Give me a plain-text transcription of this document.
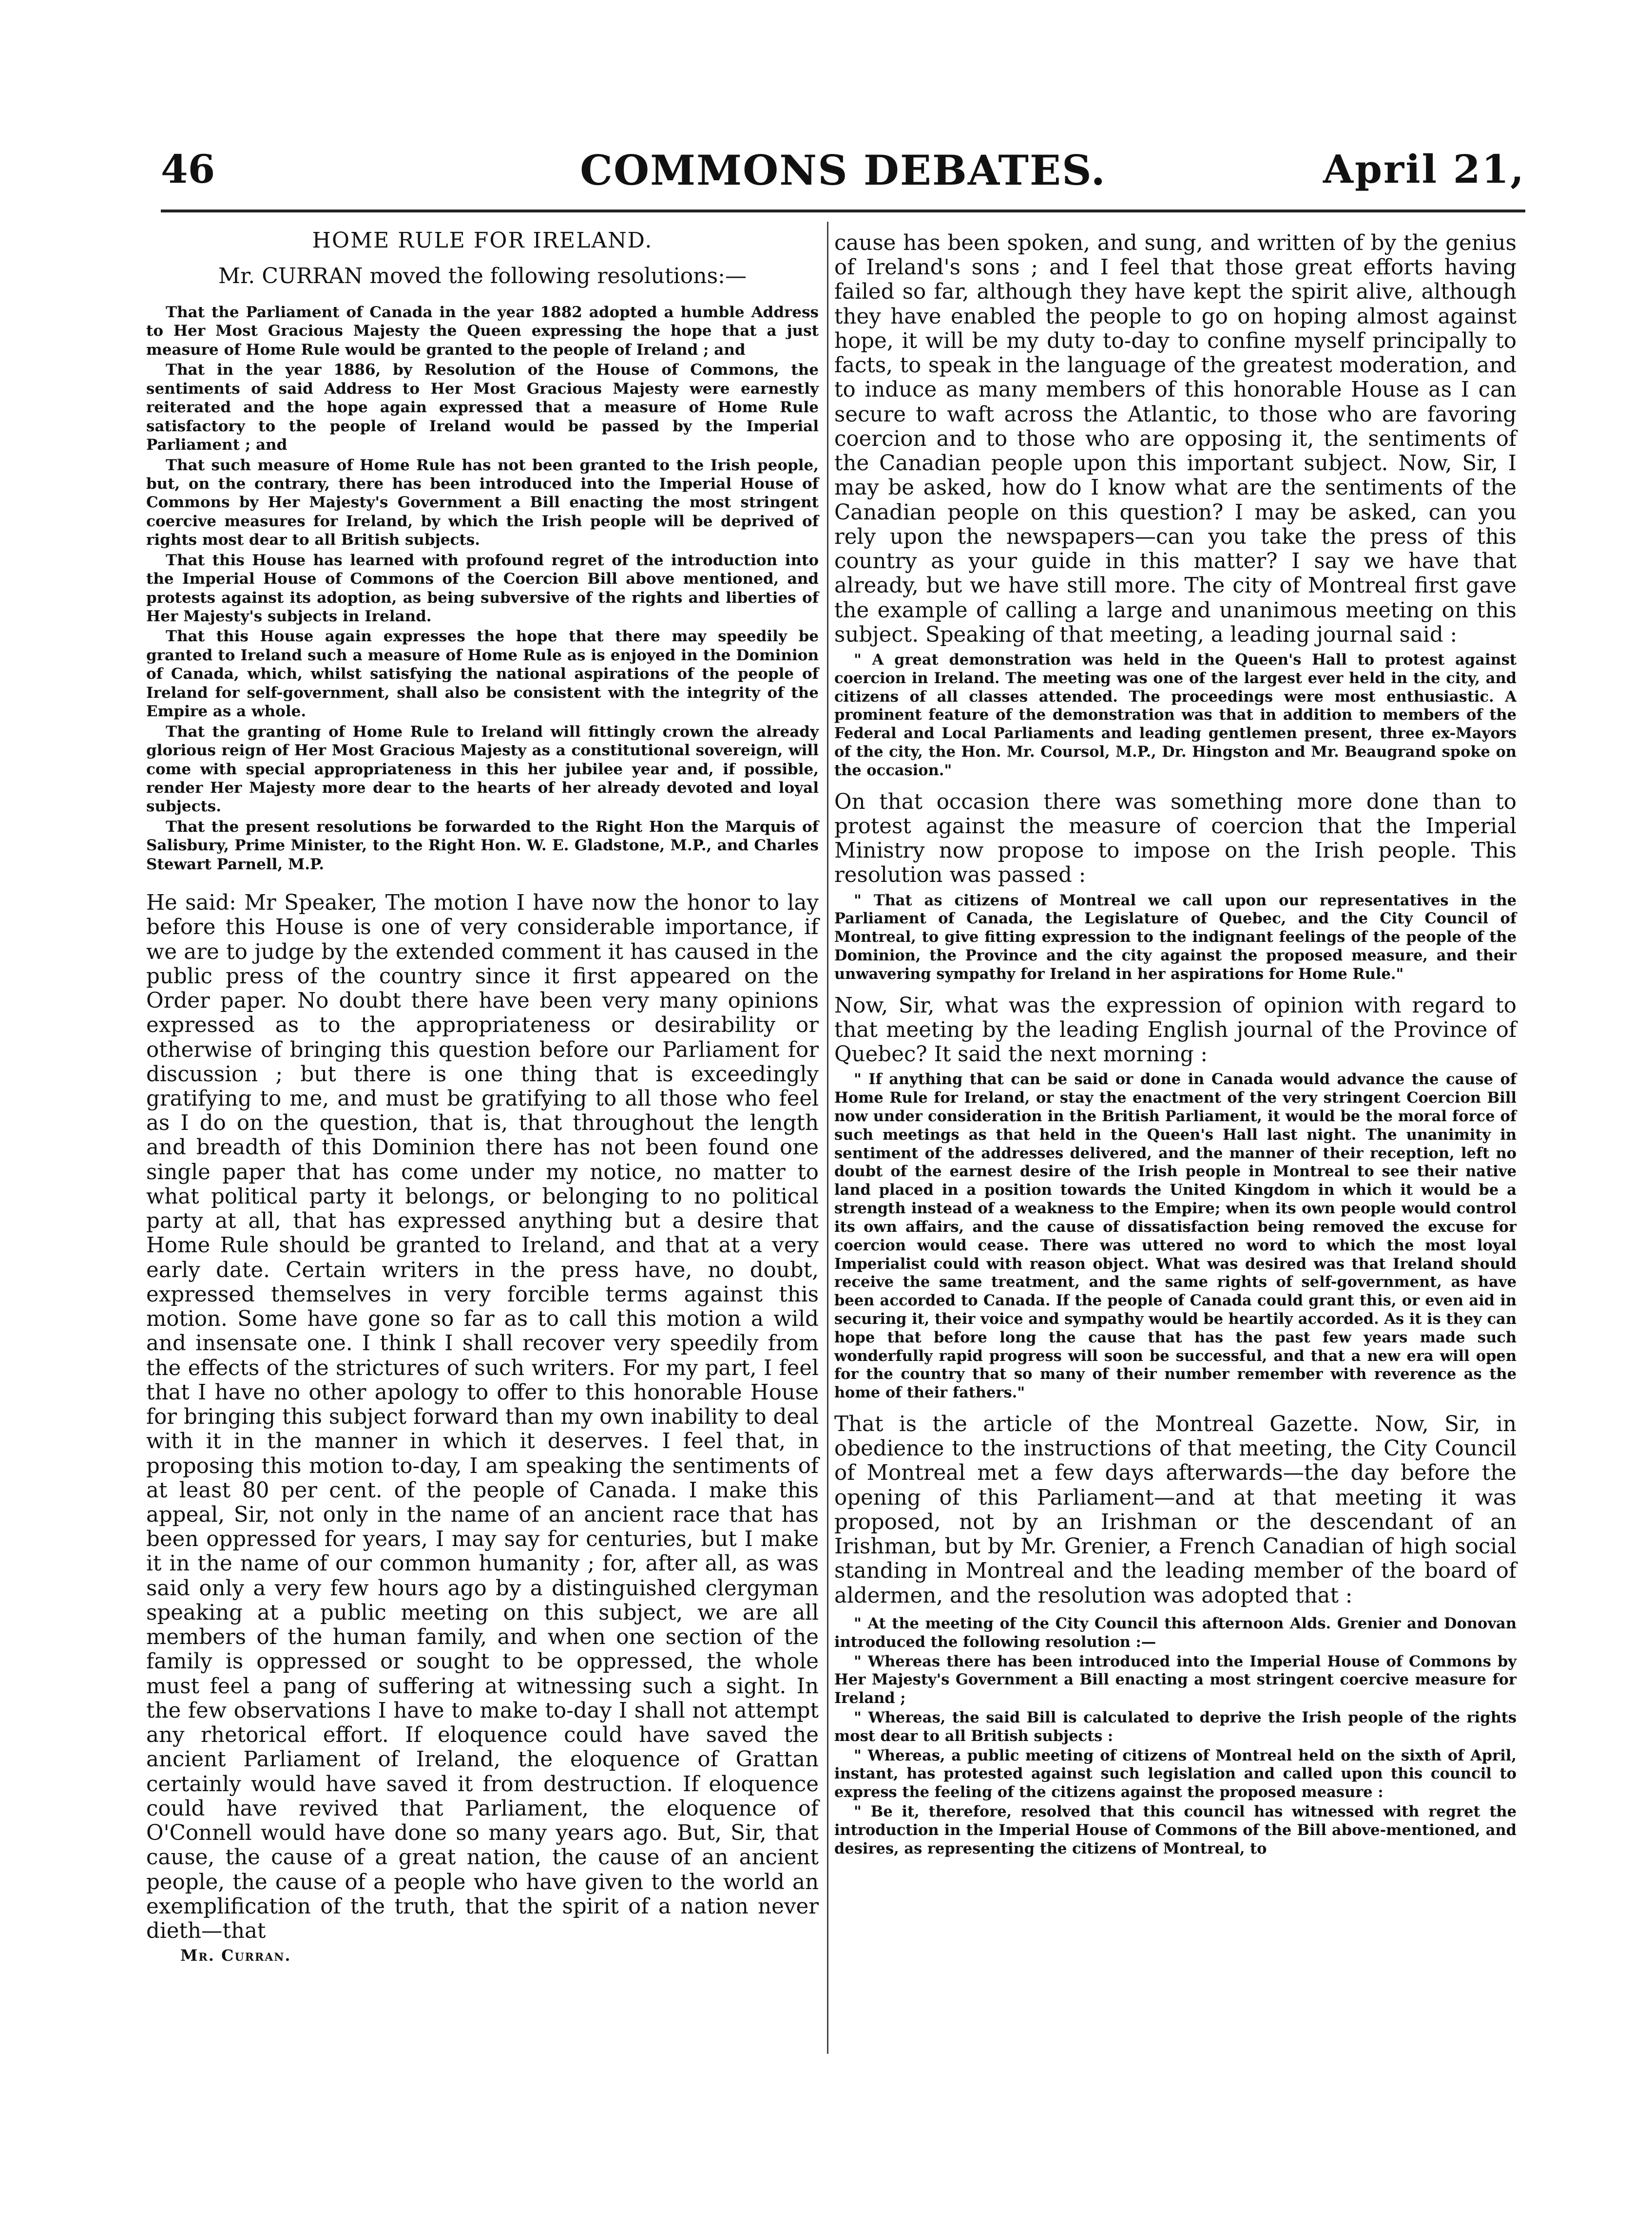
COMMONS DEBATES.
46	April 21,
HOME RULE FOR IRELAND.
Mr. CURRAN moved the following resolutions:—

That the Parliament of Canada in the year 1882 adopted a humble Address to Her Most Gracious Majesty the Queen expressing the hope that a just measure of Home Rule would be granted to the people of Ireland ; and

That in the year 1886, by Resolution of the House of Commons, the sentiments of said Address to Her Most Gracious Majesty were earnestly reiterated and the hope again expressed that a measure of Home Rule satisfactory to the people of Ireland would be passed by the Imperial Parliament ; and

That such measure of Home Rule has not been granted to the Irish people, but, on the contrary, there has been introduced into the Imperial House of Commons by Her Majesty's Government a Bill enacting the most stringent coercive measures for Ireland, by which the Irish people will be deprived of rights most dear to all British subjects.

That this House has learned with profound regret of the introduction into the Imperial House of Commons of the Coercion Bill above mentioned, and protests against its adoption, as being subversive of the rights and liberties of Her Majesty's subjects in Ireland.

That this House again expresses the hope that there may speedily be granted to Ireland such a measure of Home Rule as is enjoyed in the Dominion of Canada, which, whilst satisfying the national aspirations of the people of Ireland for self-government, shall also be consistent with the integrity of the Empire as a whole.

That the granting of Home Rule to Ireland will fittingly crown the already glorious reign of Her Most Gracious Majesty as a constitutional sovereign, will come with special appropriateness in this her jubilee year and, if possible, render Her Majesty more dear to the hearts of her already devoted and loyal subjects.

That the present resolutions be forwarded to the Right Hon the Marquis of Salisbury, Prime Minister, to the Right Hon. W. E. Gladstone, M.P., and Charles Stewart Parnell, M.P.

He said: Mr Speaker, The motion I have now the honor to lay before this House is one of very considerable importance, if we are to judge by the extended comment it has caused in the public press of the country since it first appeared on the Order paper. No doubt there have been very many opinions expressed as to the appropriateness or desirability or otherwise of bringing this question before our Parliament for discussion ; but there is one thing that is exceedingly gratifying to me, and must be gratifying to all those who feel as I do on the question, that is, that throughout the length and breadth of this Dominion there has not been found one single paper that has come under my notice, no matter to what political party it belongs, or belonging to no political party at all, that has expressed anything but a desire that Home Rule should be granted to Ireland, and that at a very early date. Certain writers in the press have, no doubt, expressed themselves in very forcible terms against this motion. Some have gone so far as to call this motion a wild and insensate one. I think I shall recover very speedily from the effects of the strictures of such writers. For my part, I feel that I have no other apology to offer to this honorable House for bringing this subject forward than my own inability to deal with it in the manner in which it deserves. I feel that, in proposing this motion to-day, I am speaking the sentiments of at least 80 per cent. of the people of Canada. I make this appeal, Sir, not only in the name of an ancient race that has been oppressed for years, I may say for centuries, but I make it in the name of our common humanity ; for, after all, as was said only a very few hours ago by a distinguished clergyman speaking at a public meeting on this subject, we are all members of the human family, and when one section of the family is oppressed or sought to be oppressed, the whole must feel a pang of suffering at witnessing such a sight. In the few observations I have to make to-day I shall not attempt any rhetorical effort. If eloquence could have saved the ancient Parliament of Ireland, the eloquence of Grattan certainly would have saved it from destruction. If eloquence could have revived that Parliament, the eloquence of O'Connell would have done so many years ago. But, Sir, that cause, the cause of a great nation, the cause of an ancient people, the cause of a people who have given to the world an exemplification of the truth, that the spirit of a nation never dieth—that

Mr. Curran.

cause has been spoken, and sung, and written of by the genius of Ireland's sons ; and I feel that those great efforts having failed so far, although they have kept the spirit alive, although they have enabled the people to go on hoping almost against hope, it will be my duty to-day to confine myself principally to facts, to speak in the language of the greatest moderation, and to induce as many members of this honorable House as I can secure to waft across the Atlantic, to those who are favoring coercion and to those who are opposing it, the sentiments of the Canadian people upon this important subject. Now, Sir, I may be asked, how do I know what are the sentiments of the Canadian people on this question? I may be asked, can you rely upon the newspapers—can you take the press of this country as your guide in this matter? I say we have that already, but we have still more. The city of Montreal first gave the example of calling a large and unanimous meeting on this subject. Speaking of that meeting, a leading journal said :

" A great demonstration was held in the Queen's Hall to protest against coercion in Ireland. The meeting was one of the largest ever held in the city, and citizens of all classes attended. The proceedings were most enthusiastic. A prominent feature of the demonstration was that in addition to members of the Federal and Local Parliaments and leading gentlemen present, three ex-Mayors of the city, the Hon. Mr. Coursol, M.P., Dr. Hingston and Mr. Beaugrand spoke on the occasion."

On that occasion there was something more done than to protest against the measure of coercion that the Imperial Ministry now propose to impose on the Irish people. This resolution was passed :

" That as citizens of Montreal we call upon our representatives in the Parliament of Canada, the Legislature of Quebec, and the City Council of Montreal, to give fitting expression to the indignant feelings of the people of the Dominion, the Province and the city against the proposed measure, and their unwavering sympathy for Ireland in her aspirations for Home Rule."

Now, Sir, what was the expression of opinion with regard to that meeting by the leading English journal of the Province of Quebec? It said the next morning :

" If anything that can be said or done in Canada would advance the cause of Home Rule for Ireland, or stay the enactment of the very stringent Coercion Bill now under consideration in the British Parliament, it would be the moral force of such meetings as that held in the Queen's Hall last night. The unanimity in sentiment of the addresses delivered, and the manner of their reception, left no doubt of the earnest desire of the Irish people in Montreal to see their native land placed in a position towards the United Kingdom in which it would be a strength instead of a weakness to the Empire; when its own people would control its own affairs, and the cause of dissatisfaction being removed the excuse for coercion would cease. There was uttered no word to which the most loyal Imperialist could with reason object. What was desired was that Ireland should receive the same treatment, and the same rights of self-government, as have been accorded to Canada. If the people of Canada could grant this, or even aid in securing it, their voice and sympathy would be heartily accorded. As it is they can hope that before long the cause that has the past few years made such wonderfully rapid progress will soon be successful, and that a new era will open for the country that so many of their number remember with reverence as the home of their fathers."

That is the article of the Montreal Gazette. Now, Sir, in obedience to the instructions of that meeting, the City Council of Montreal met a few days afterwards—the day before the opening of this Parliament—and at that meeting it was proposed, not by an Irishman or the descendant of an Irishman, but by Mr. Grenier, a French Canadian of high social standing in Montreal and the leading member of the board of aldermen, and the resolution was adopted that :

" At the meeting of the City Council this afternoon Alds. Grenier and Donovan introduced the following resolution :—

" Whereas there has been introduced into the Imperial House of Commons by Her Majesty's Government a Bill enacting a most stringent coercive measure for Ireland ;

" Whereas, the said Bill is calculated to deprive the Irish people of the rights most dear to all British subjects :

" Whereas, a public meeting of citizens of Montreal held on the sixth of April, instant, has protested against such legislation and called upon this council to express the feeling of the citizens against the proposed measure :

" Be it, therefore, resolved that this council has witnessed with regret the introduction in the Imperial House of Commons of the Bill above-mentioned, and desires, as representing the citizens of Montreal, to
